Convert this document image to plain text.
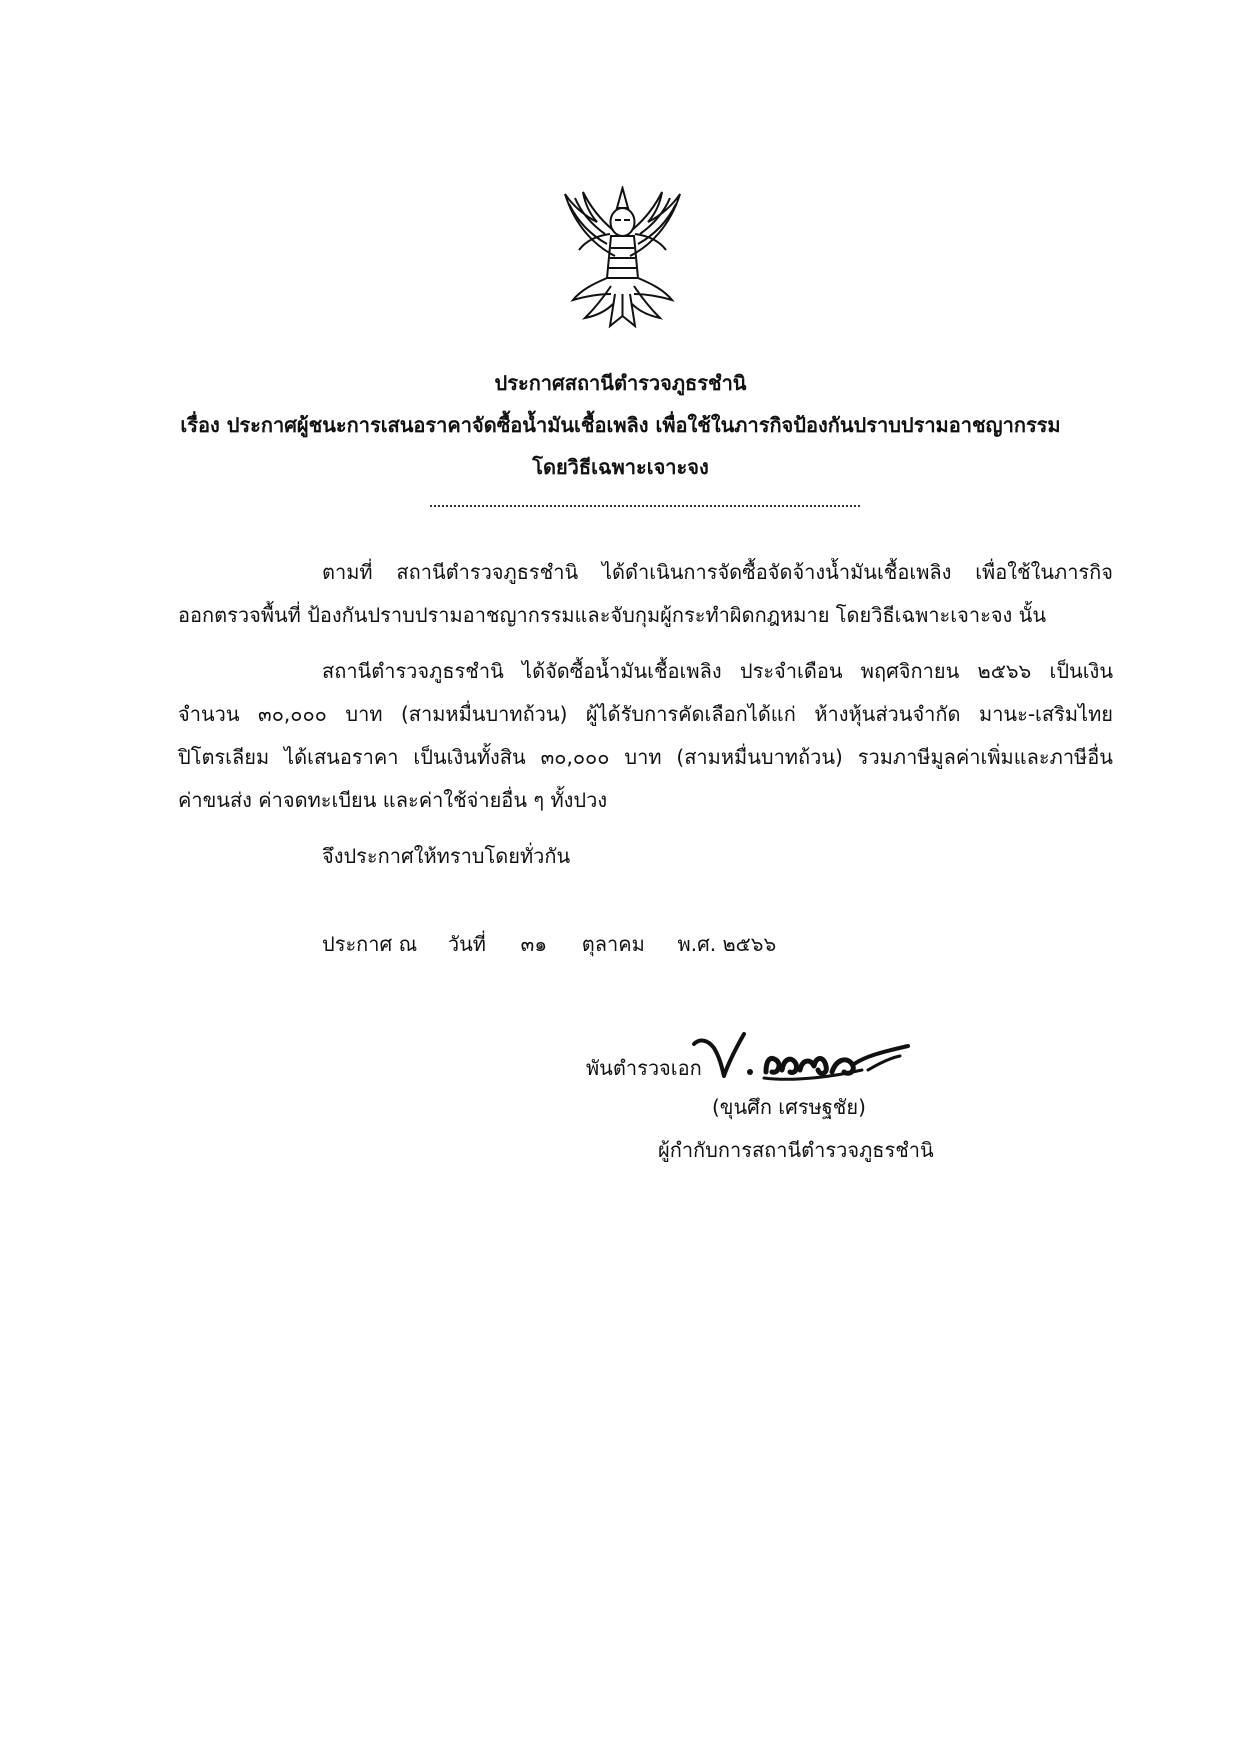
ประกาศสถานีตำรวจภูธรชำนิ
เรื่อง ประกาศผู้ชนะการเสนอราคาจัดซื้อน้ำมันเชื้อเพลิง เพื่อใช้ในภารกิจป้องกันปราบปรามอาชญากรรม
โดยวิธีเฉพาะเจาะจง
ตามที่ สถานีตำรวจภูธรชำนิ ได้ดำเนินการจัดซื้อจัดจ้างน้ำมันเชื้อเพลิง เพื่อใช้ในภารกิจ
ออกตรวจพื้นที่ ป้องกันปราบปรามอาชญากรรมและจับกุมผู้กระทำผิดกฎหมาย โดยวิธีเฉพาะเจาะจง นั้น
สถานีตำรวจภูธรชำนิ ได้จัดซื้อน้ำมันเชื้อเพลิง ประจำเดือน พฤศจิกายน ๒๕๖๖ เป็นเงิน
จำนวน ๓๐,๐๐๐ บาท (สามหมื่นบาทถ้วน) ผู้ได้รับการคัดเลือกได้แก่ ห้างหุ้นส่วนจำกัด มานะ-เสริมไทย
ปิโตรเลียม ได้เสนอราคา เป็นเงินทั้งสิน ๓๐,๐๐๐ บาท (สามหมื่นบาทถ้วน) รวมภาษีมูลค่าเพิ่มและภาษีอื่น
ค่าขนส่ง ค่าจดทะเบียน และค่าใช้จ่ายอื่น ๆ ทั้งปวง
จึงประกาศให้ทราบโดยทั่วกัน
ประกาศ ณ วันที่ ๓๑ ตุลาคม พ.ศ. ๒๕๖๖
พันตำรวจเอก
(ขุนศึก เศรษฐชัย)
ผู้กำกับการสถานีตำรวจภูธรชำนิ
